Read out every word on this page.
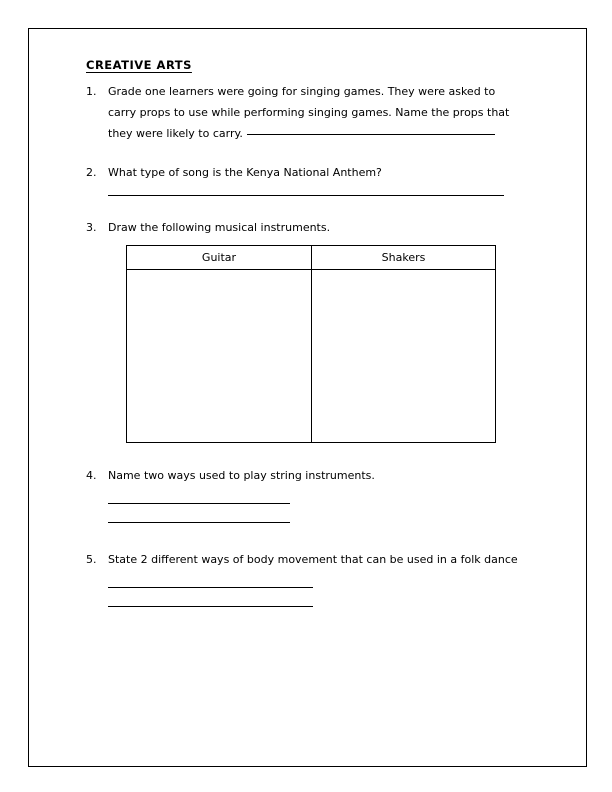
CREATIVE ARTS
1.	Grade one learners were going for singing games. They were asked to carry props to use while performing singing games. Name the props that they were likely to carry.
2.	What type of song is the Kenya National Anthem?
3.	Draw the following musical instruments.
Guitar	Shakers

4.	Name two ways used to play string instruments.
5.	State 2 different ways of body movement that can be used in a folk dance
